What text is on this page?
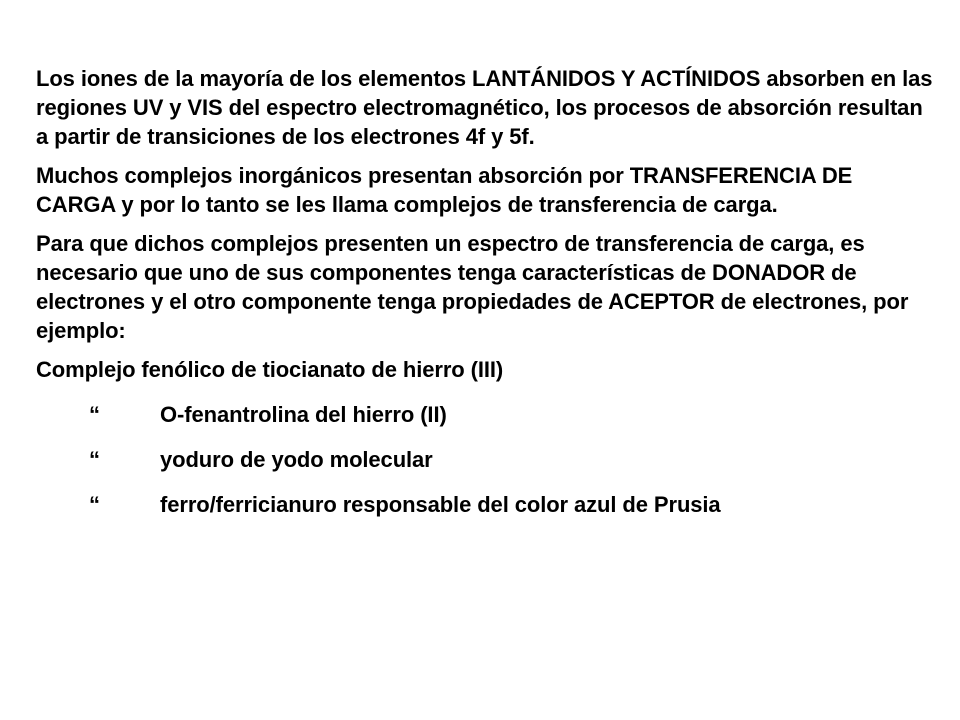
Los iones de la mayoría de los elementos LANTÁNIDOS Y ACTÍNIDOS absorben en las regiones UV y VIS del espectro electromagnético, los procesos de absorción resultan a partir de transiciones de los electrones 4f y 5f.

Muchos complejos inorgánicos presentan absorción por TRANSFERENCIA DE CARGA y por lo tanto se les llama complejos de transferencia de carga.

Para que dichos complejos presenten un espectro de transferencia de carga, es necesario que uno de sus componentes tenga características de DONADOR de electrones y el otro componente tenga propiedades de ACEPTOR de electrones, por ejemplo:

Complejo fenólico de tiocianato de hierro (III)
“	O-fenantrolina del hierro (II)
“	yoduro de yodo molecular
“	ferro/ferricianuro responsable del color azul de Prusia
